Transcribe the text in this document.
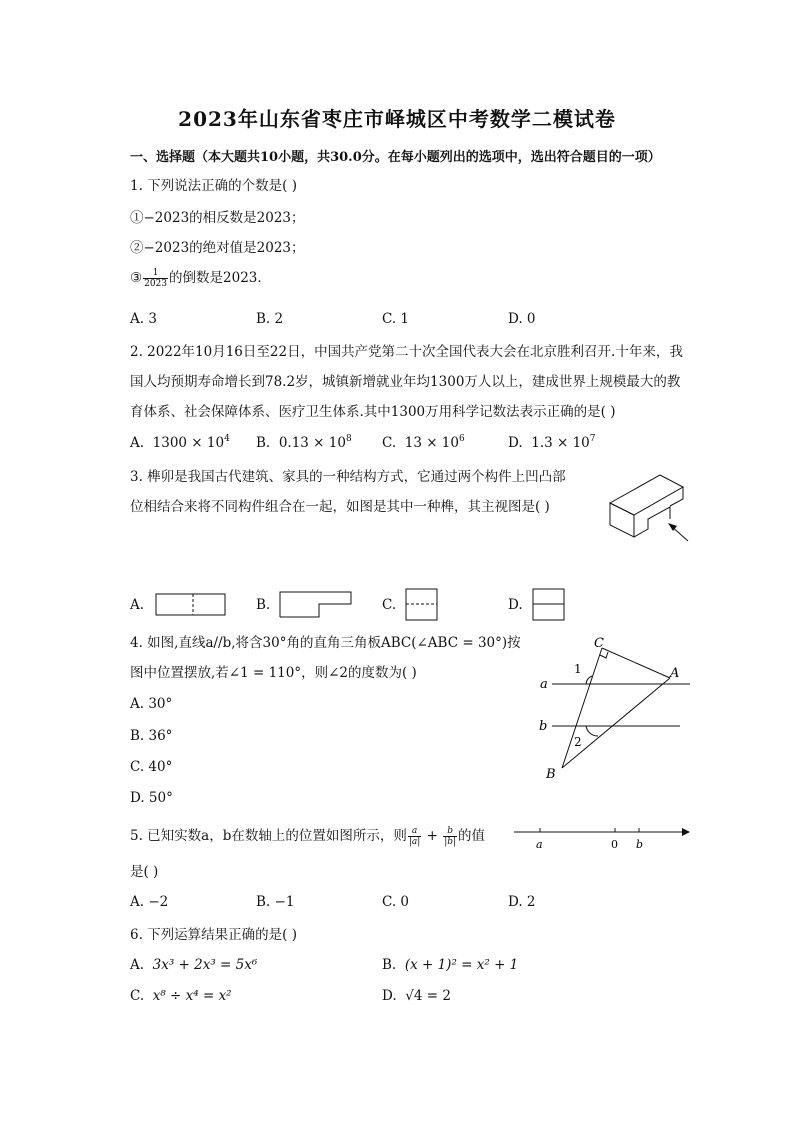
2023年山东省枣庄市峄城区中考数学二模试卷
一、选择题（本大题共10小题，共30.0分。在每小题列出的选项中，选出符合题目的一项）
1. 下列说法正确的个数是( )
①−2023的相反数是2023；
②−2023的绝对值是2023；
③ $\frac{1}{2023}$ 的倒数是2023．
A. 3	B. 2	C. 1	D. 0
2. 2022年10月16日至22日，中国共产党第二十次全国代表大会在北京胜利召开.十年来，我
国人均预期寿命增长到78.2岁，城镇新增就业年均1300万人以上，建成世界上规模最大的教
育体系、社会保障体系、医疗卫生体系.其中1300万用科学记数法表示正确的是( )
A. $1300 \times 10^4$ B. $0.13 \times 10^8$ C. $13 \times 10^6$	D. $1.3 \times 10^7$
3. 榫卯是我国古代建筑、家具的一种结构方式，它通过两个构件上凹凸部
位相结合来将不同构件组合在一起，如图是其中一种榫，其主视图是( )
A.	B.	C.	D.
4. 如图,直线a//b,将含30°角的直角三角板ABC(∠ABC = 30°)按
图中位置摆放,若∠1 = 110°，则∠2的度数为( )
A. 30°
B. 36°
C. 40°
D. 50°
C
A
B
a
b
1
2
5. 已知实数a，b在数轴上的位置如图所示，则 $\frac{a}{|a|} + \frac{b}{|b|}$ 的值
是( )
a	0 b
A. −2	B. −1	C. 0	D. 2
6. 下列运算结果正确的是( )
A. 3x³ + 2x³ = 5x⁶	B. (x + 1)² = x² + 1
C. x⁸ ÷ x⁴ = x²	D. √4 = 2
